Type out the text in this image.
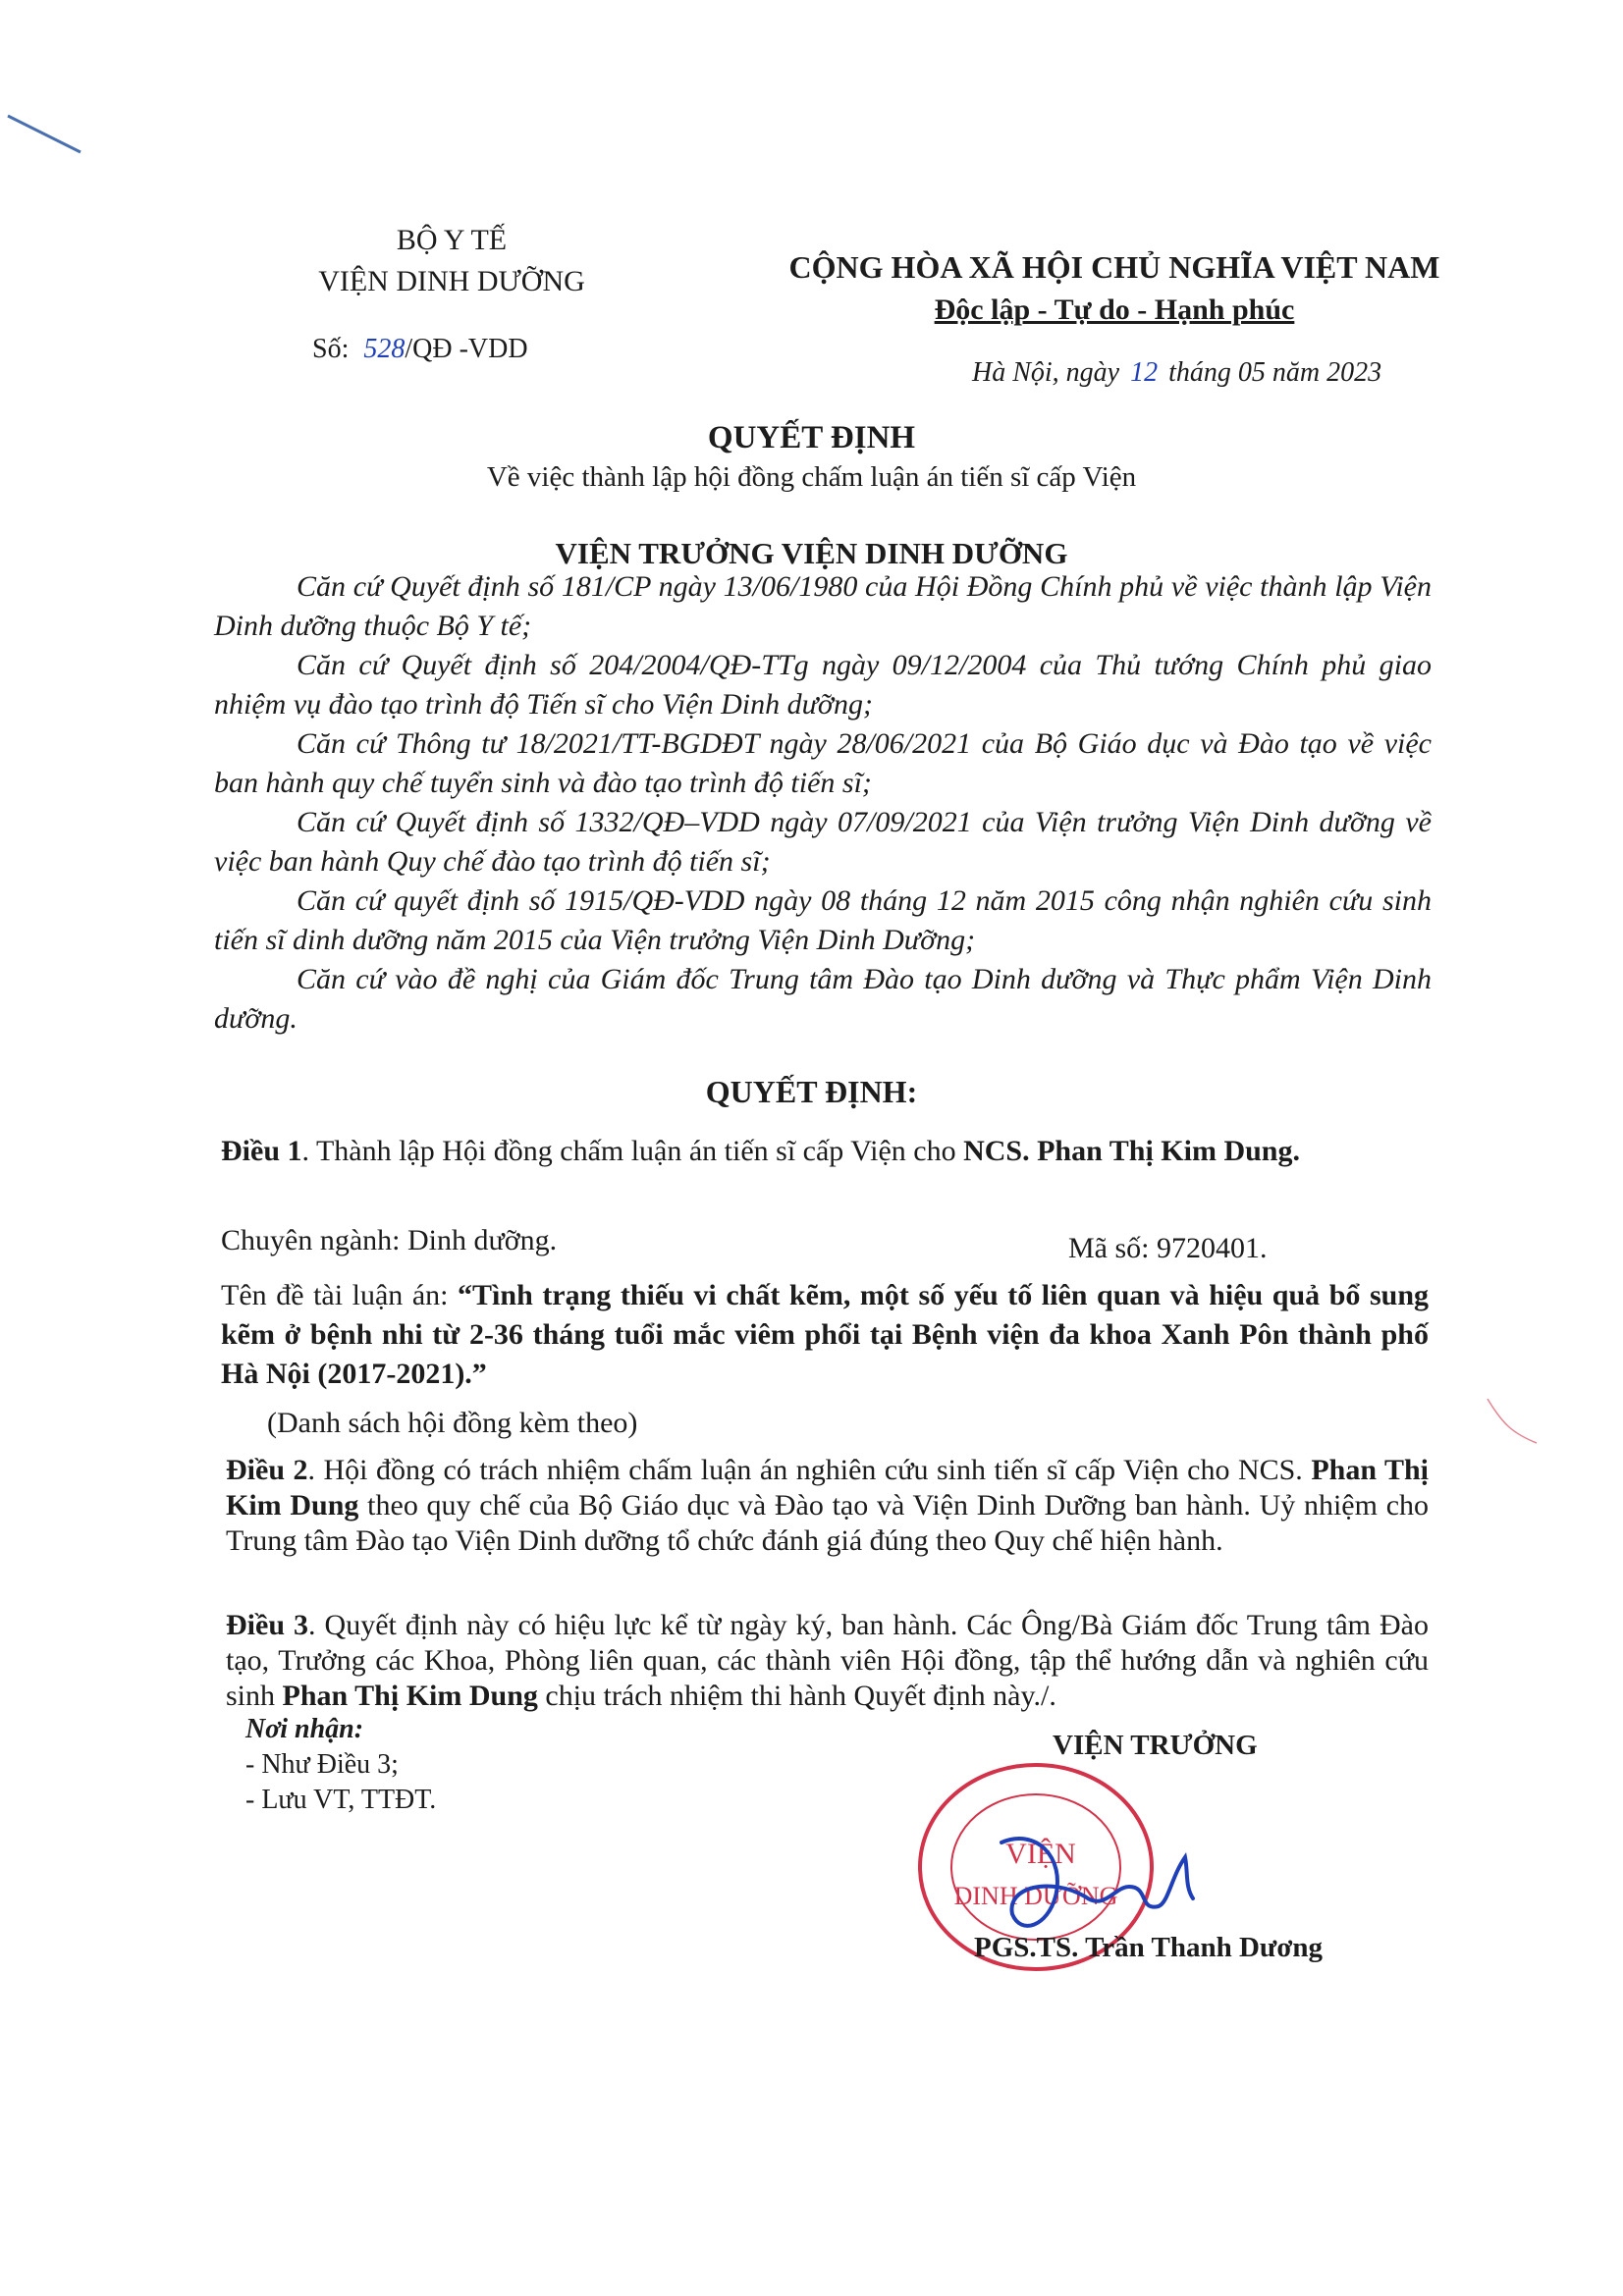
BỘ Y TẾ
VIỆN DINH DƯỠNG
Số: 528/QĐ -VDD
CỘNG HÒA XÃ HỘI CHỦ NGHĨA VIỆT NAM
Độc lập - Tự do - Hạnh phúc
Hà Nội, ngày 12 tháng 05 năm 2023
QUYẾT ĐỊNH
Về việc thành lập hội đồng chấm luận án tiến sĩ cấp Viện
VIỆN TRƯỞNG VIỆN DINH DƯỠNG

Căn cứ Quyết định số 181/CP ngày 13/06/1980 của Hội Đồng Chính phủ về việc thành lập Viện Dinh dưỡng thuộc Bộ Y tế;

Căn cứ Quyết định số 204/2004/QĐ-TTg ngày 09/12/2004 của Thủ tướng Chính phủ giao nhiệm vụ đào tạo trình độ Tiến sĩ cho Viện Dinh dưỡng;

Căn cứ Thông tư 18/2021/TT-BGDĐT ngày 28/06/2021 của Bộ Giáo dục và Đào tạo về việc ban hành quy chế tuyển sinh và đào tạo trình độ tiến sĩ;

Căn cứ Quyết định số 1332/QĐ–VDD ngày 07/09/2021 của Viện trưởng Viện Dinh dưỡng về việc ban hành Quy chế đào tạo trình độ tiến sĩ;

Căn cứ quyết định số 1915/QĐ-VDD ngày 08 tháng 12 năm 2015 công nhận nghiên cứu sinh tiến sĩ dinh dưỡng năm 2015 của Viện trưởng Viện Dinh Dưỡng;

Căn cứ vào đề nghị của Giám đốc Trung tâm Đào tạo Dinh dưỡng và Thực phẩm Viện Dinh dưỡng.

QUYẾT ĐỊNH:
Điều 1. Thành lập Hội đồng chấm luận án tiến sĩ cấp Viện cho NCS. Phan Thị Kim Dung.
Chuyên ngành: Dinh dưỡng.	Mã số: 9720401.
Tên đề tài luận án: “Tình trạng thiếu vi chất kẽm, một số yếu tố liên quan và hiệu quả bổ sung kẽm ở bệnh nhi từ 2-36 tháng tuổi mắc viêm phổi tại Bệnh viện đa khoa Xanh Pôn thành phố Hà Nội (2017-2021).”
(Danh sách hội đồng kèm theo)
Điều 2. Hội đồng có trách nhiệm chấm luận án nghiên cứu sinh tiến sĩ cấp Viện cho NCS. Phan Thị Kim Dung theo quy chế của Bộ Giáo dục và Đào tạo và Viện Dinh Dưỡng ban hành. Uỷ nhiệm cho Trung tâm Đào tạo Viện Dinh dưỡng tổ chức đánh giá đúng theo Quy chế hiện hành.
Điều 3. Quyết định này có hiệu lực kể từ ngày ký, ban hành. Các Ông/Bà Giám đốc Trung tâm Đào tạo, Trưởng các Khoa, Phòng liên quan, các thành viên Hội đồng, tập thể hướng dẫn và nghiên cứu sinh Phan Thị Kim Dung chịu trách nhiệm thi hành Quyết định này./.
Nơi nhận:
- Như Điều 3;
- Lưu VT, TTĐT.
VIỆN
DINH DƯỠNG
VIỆN TRƯỞNG
PGS.TS. Trần Thanh Dương
